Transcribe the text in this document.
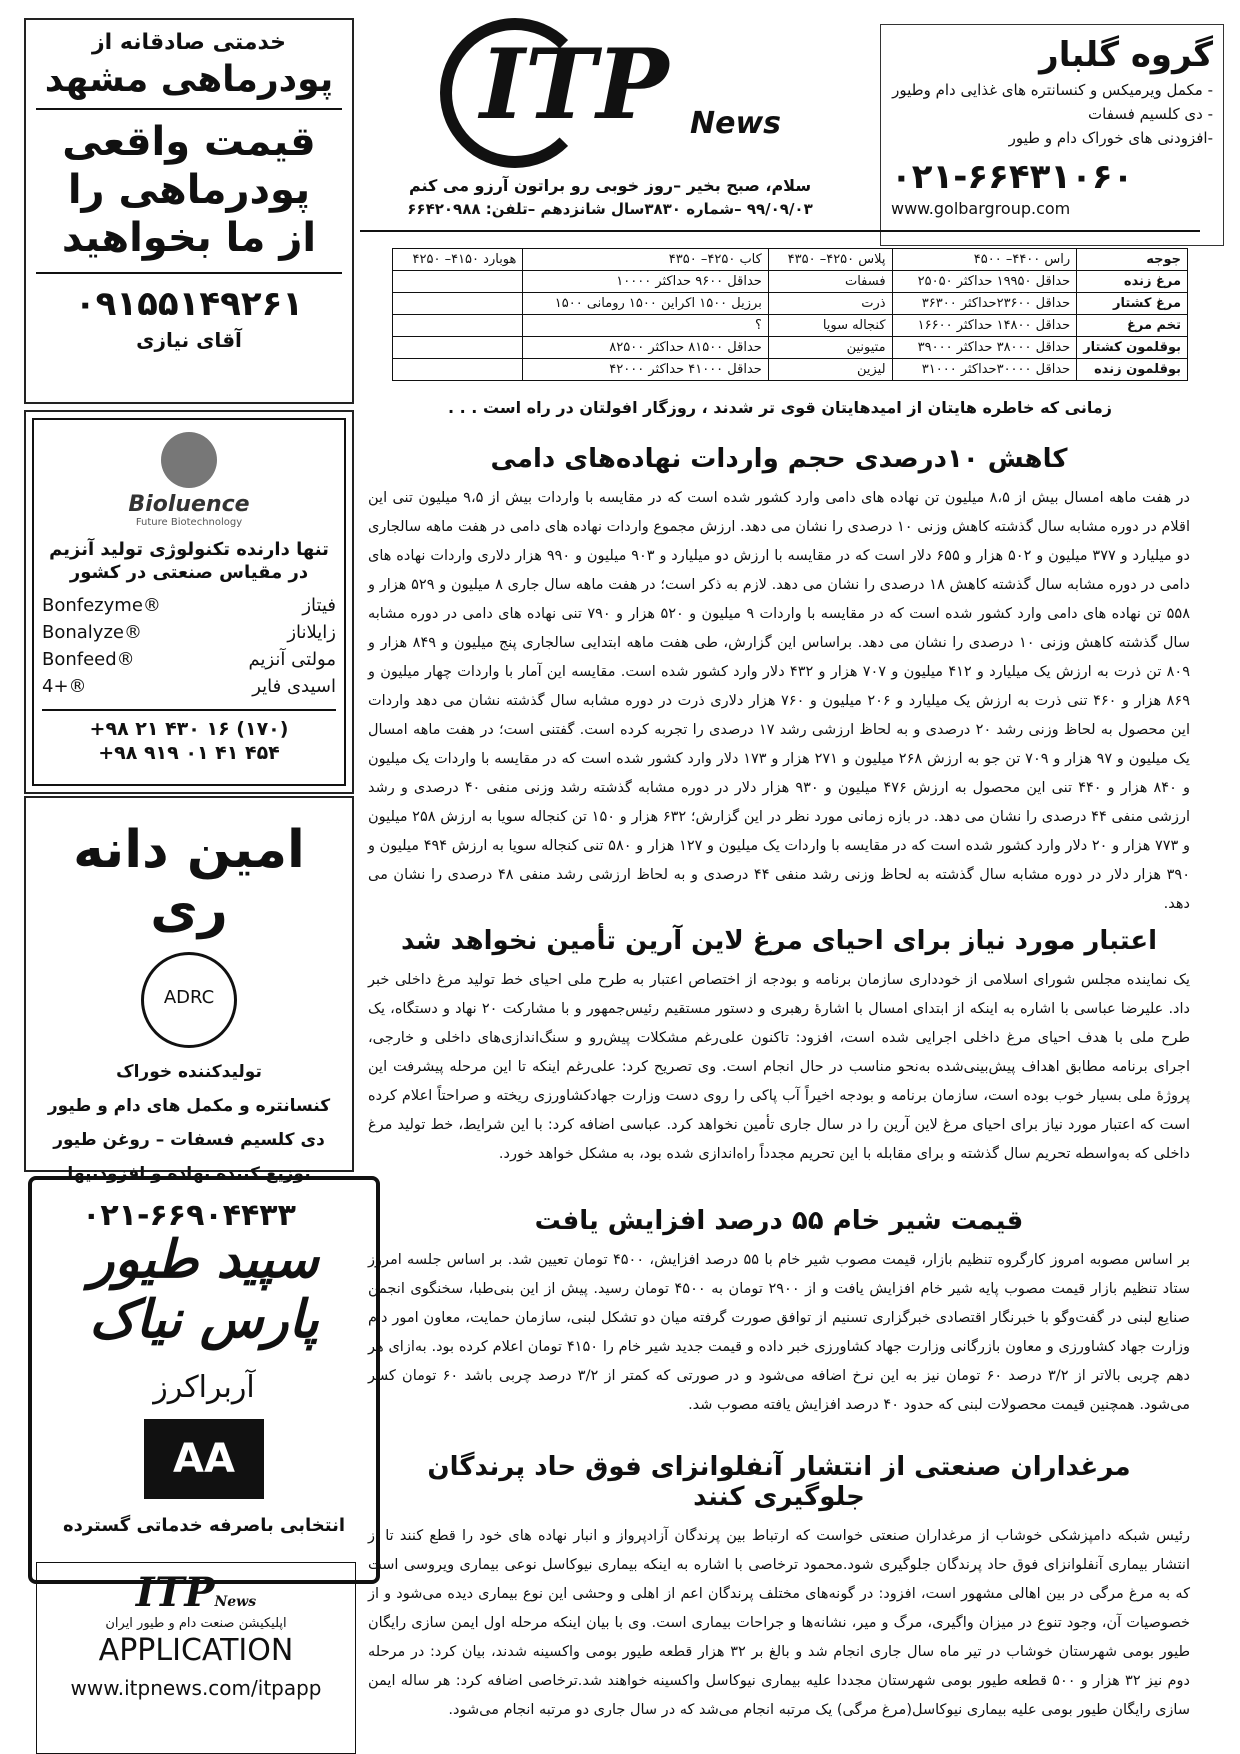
گروه گلبار
- مکمل ویرمیکس و کنسانتره های غذایی دام وطیور
- دی کلسیم فسفات
-افزودنی های خوراک دام و طیور
۰۲۱-۶۶۴۳۱۰۶۰
www.golbargroup.com
ITP News
سلام، صبح بخیر –روز خوبی رو براتون آرزو می کنم
۹۹/۰۹/۰۳ –شماره ۳۸۳۰سال شانزدهم –تلفن: ۶۶۴۲۰۹۸۸
خدمتی صادقانه از
پودرماهی مشهد
قیمت واقعی
پودرماهی را
از ما بخواهید
۰۹۱۵۵۱۴۹۲۶۱
آقای نیازی
Bioluence
Future Biotechnology
تنها دارنده تکنولوژی تولید آنزیم
در مقیاس صنعتی در کشور
فیتاز
Bonfezyme®
زایلاناز
Bonalyze®
مولتی آنزیم
Bonfeed®
اسیدی فایر
4+®
+۹۸ ۲۱ ۴۳۰ ۱۶ (۱۷۰)
+۹۸ ۹۱۹ ۰۱ ۴۱ ۴۵۴
امین دانه ری
ADRC
تولیدکننده خوراک
کنسانتره و مکمل های دام و طیور
دی کلسیم فسفات – روغن طیور
توزیع کننده نهاده و افزودنیها
۰۲۱-۶۶۹۰۴۴۳۳
سپید طیور پارس نیاک
آربراکرز
AA
انتخابی باصرفه خدماتی گسترده
ITPNews
اپلیکیشن صنعت دام و طیور ایران
APPLICATION
www.itpnews.com/itpapp
جوجه	راس ۴۴۰۰– ۴۵۰۰	پلاس ۴۲۵۰– ۴۳۵۰	کاب ۴۲۵۰– ۴۳۵۰	هوبارد ۴۱۵۰– ۴۲۵۰
مرغ زنده	حداقل ۱۹۹۵۰ حداکثر ۲۵۰۵۰	فسفات	حداقل ۹۶۰۰ حداکثر ۱۰۰۰۰	
مرغ کشتار	حداقل ۲۳۶۰۰حداکثر ۳۶۳۰۰	ذرت	برزیل ۱۵۰۰ اکراین ۱۵۰۰ رومانی ۱۵۰۰	
تخم مرغ	حداقل ۱۴۸۰۰ حداکثر ۱۶۶۰۰	کنجاله سویا	؟	
بوقلمون کشتار	حداقل ۳۸۰۰۰ حداکثر ۳۹۰۰۰	متیونین	حداقل ۸۱۵۰۰ حداکثر ۸۲۵۰۰	
بوقلمون زنده	حداقل ۳۰۰۰۰حداکثر ۳۱۰۰۰	لیزین	حداقل ۴۱۰۰۰ حداکثر ۴۲۰۰۰	
زمانی که خاطره هایتان از امیدهایتان قوی تر شدند ، روزگار افولتان در راه است . . .
کاهش ۱۰درصدی حجم واردات نهاده‌های دامی

در هفت ماهه امسال بیش از ۸،۵ میلیون تن نهاده های دامی وارد کشور شده است که در مقایسه با واردات بیش از ۹،۵ میلیون تنی این اقلام در دوره مشابه سال گذشته کاهش وزنی ۱۰ درصدی را نشان می دهد. ارزش مجموع واردات نهاده های دامی در هفت ماهه سالجاری دو میلیارد و ۳۷۷ میلیون و ۵۰۲ هزار و ۶۵۵ دلار است که در مقایسه با ارزش دو میلیارد و ۹۰۳ میلیون و ۹۹۰ هزار دلاری واردات نهاده های دامی در دوره مشابه سال گذشته کاهش ۱۸ درصدی را نشان می دهد. لازم به ذکر است؛ در هفت ماهه سال جاری ۸ میلیون و ۵۲۹ هزار و ۵۵۸ تن نهاده های دامی وارد کشور شده است که در مقایسه با واردات ۹ میلیون و ۵۲۰ هزار و ۷۹۰ تنی نهاده های دامی در دوره مشابه سال گذشته کاهش وزنی ۱۰ درصدی را نشان می دهد. براساس این گزارش، طی هفت ماهه ابتدایی سالجاری پنج میلیون و ۸۴۹ هزار و ۸۰۹ تن ذرت به ارزش یک میلیارد و ۴۱۲ میلیون و ۷۰۷ هزار و ۴۳۲ دلار وارد کشور شده است. مقایسه این آمار با واردات چهار میلیون و ۸۶۹ هزار و ۴۶۰ تنی ذرت به ارزش یک میلیارد و ۲۰۶ میلیون و ۷۶۰ هزار دلاری ذرت در دوره مشابه سال گذشته نشان می دهد واردات این محصول به لحاظ وزنی رشد ۲۰ درصدی و به لحاظ ارزشی رشد ۱۷ درصدی را تجربه کرده است. گفتنی است؛ در هفت ماهه امسال یک میلیون و ۹۷ هزار و ۷۰۹ تن جو به ارزش ۲۶۸ میلیون و ۲۷۱ هزار و ۱۷۳ دلار وارد کشور شده است که در مقایسه با واردات یک میلیون و ۸۴۰ هزار و ۴۴۰ تنی این محصول به ارزش ۴۷۶ میلیون و ۹۳۰ هزار دلار در دوره مشابه گذشته رشد وزنی منفی ۴۰ درصدی و رشد ارزشی منفی ۴۴ درصدی را نشان می دهد. در بازه زمانی مورد نظر در این گزارش؛ ۶۳۲ هزار و ۱۵۰ تن کنجاله سویا به ارزش ۲۵۸ میلیون و ۷۷۳ هزار و ۲۰ دلار وارد کشور شده است که در مقایسه با واردات یک میلیون و ۱۲۷ هزار و ۵۸۰ تنی کنجاله سویا به ارزش ۴۹۴ میلیون و ۳۹۰ هزار دلار در دوره مشابه سال گذشته به لحاظ وزنی رشد منفی ۴۴ درصدی و به لحاظ ارزشی رشد منفی ۴۸ درصدی را نشان می دهد.

اعتبار مورد نیاز برای احیای مرغ لاین آرین تأمین نخواهد شد

یک نماینده مجلس شورای اسلامی از خودداری سازمان برنامه و بودجه از اختصاص اعتبار به طرح ملی احیای خط تولید مرغ داخلی خبر داد. علیرضا عباسی با اشاره به اینکه از ابتدای امسال با اشارهٔ رهبری و دستور مستقیم رئیس‌جمهور و با مشارکت ۲۰ نهاد و دستگاه، یک طرح ملی با هدف احیای مرغ داخلی اجرایی شده است، افزود: تاکنون علی‌رغم مشکلات پیش‌رو و سنگ‌اندازی‌های داخلی و خارجی، اجرای برنامه مطابق اهداف پیش‌بینی‌شده به‌نحو مناسب در حال انجام است. وی تصریح کرد: علی‌رغم اینکه تا این مرحله پیشرفت این پروژهٔ ملی بسیار خوب بوده است، سازمان برنامه و بودجه اخیراً آب پاکی را روی دست وزارت جهادکشاورزی ریخته و صراحتاً اعلام کرده است که اعتبار مورد نیاز برای احیای مرغ لاین آرین را در سال جاری تأمین نخواهد کرد. عباسی اضافه کرد: با این شرایط، خط تولید مرغ داخلی که به‌واسطه تحریم سال گذشته و برای مقابله با این تحریم مجدداً راه‌اندازی شده بود، به مشکل خواهد خورد.

قیمت شیر خام ۵۵ درصد افزایش یافت

بر اساس مصوبه امروز کارگروه تنظیم بازار، قیمت مصوب شیر خام با ۵۵ درصد افزایش، ۴۵۰۰ تومان تعیین شد. بر اساس جلسه امروز ستاد تنظیم بازار قیمت مصوب پایه شیر خام افزایش یافت و از ۲۹۰۰ تومان به ۴۵۰۰ تومان رسید. پیش از این بنی‌طبا، سخنگوی انجمن صنایع لبنی در گفت‌وگو با خبرنگار اقتصادی خبرگزاری تسنیم از توافق صورت گرفته میان دو تشکل لبنی، سازمان حمایت، معاون امور دام وزارت جهاد کشاورزی و معاون بازرگانی وزارت جهاد کشاورزی خبر داده و قیمت جدید شیر خام را ۴۱۵۰ تومان اعلام کرده بود. به‌ازای هر دهم چربی بالاتر از ۳/۲ درصد ۶۰ تومان نیز به این نرخ اضافه می‌شود و در صورتی که کمتر از ۳/۲ درصد چربی باشد ۶۰ تومان کسر می‌شود. همچنین قیمت محصولات لبنی که حدود ۴۰ درصد افزایش یافته مصوب شد.

مرغداران صنعتی از انتشار آنفلوانزای فوق حاد پرندگان جلوگیری کنند

رئیس شبکه دامپزشکی خوشاب از مرغداران صنعتی خواست که ارتباط بین پرندگان آزادپرواز و انبار نهاده های خود را قطع کنند تا از انتشار بیماری آنفلوانزای فوق حاد پرندگان جلوگیری شود.محمود ترخاصی با اشاره به اینکه بیماری نیوکاسل نوعی بیماری ویروسی است که به مرغ مرگی در بین اهالی مشهور است، افزود: در گونه‌های مختلف پرندگان اعم از اهلی و وحشی این نوع بیماری دیده می‌شود و از خصوصیات آن، وجود تنوع در میزان واگیری، مرگ و میر، نشانه‌ها و جراحات بیماری است. وی با بیان اینکه مرحله اول ایمن سازی رایگان طیور بومی شهرستان خوشاب در تیر ماه سال جاری انجام شد و بالغ بر ۳۲ هزار قطعه طیور بومی واکسینه شدند، بیان کرد: در مرحله دوم نیز ۳۲ هزار و ۵۰۰ قطعه طیور بومی شهرستان مجددا علیه بیماری نیوکاسل واکسینه خواهند شد.ترخاصی اضافه کرد: هر ساله ایمن سازی رایگان طیور بومی علیه بیماری نیوکاسل(مرغ مرگی) یک مرتبه انجام می‌شد که در سال جاری دو مرتبه انجام می‌شود.
